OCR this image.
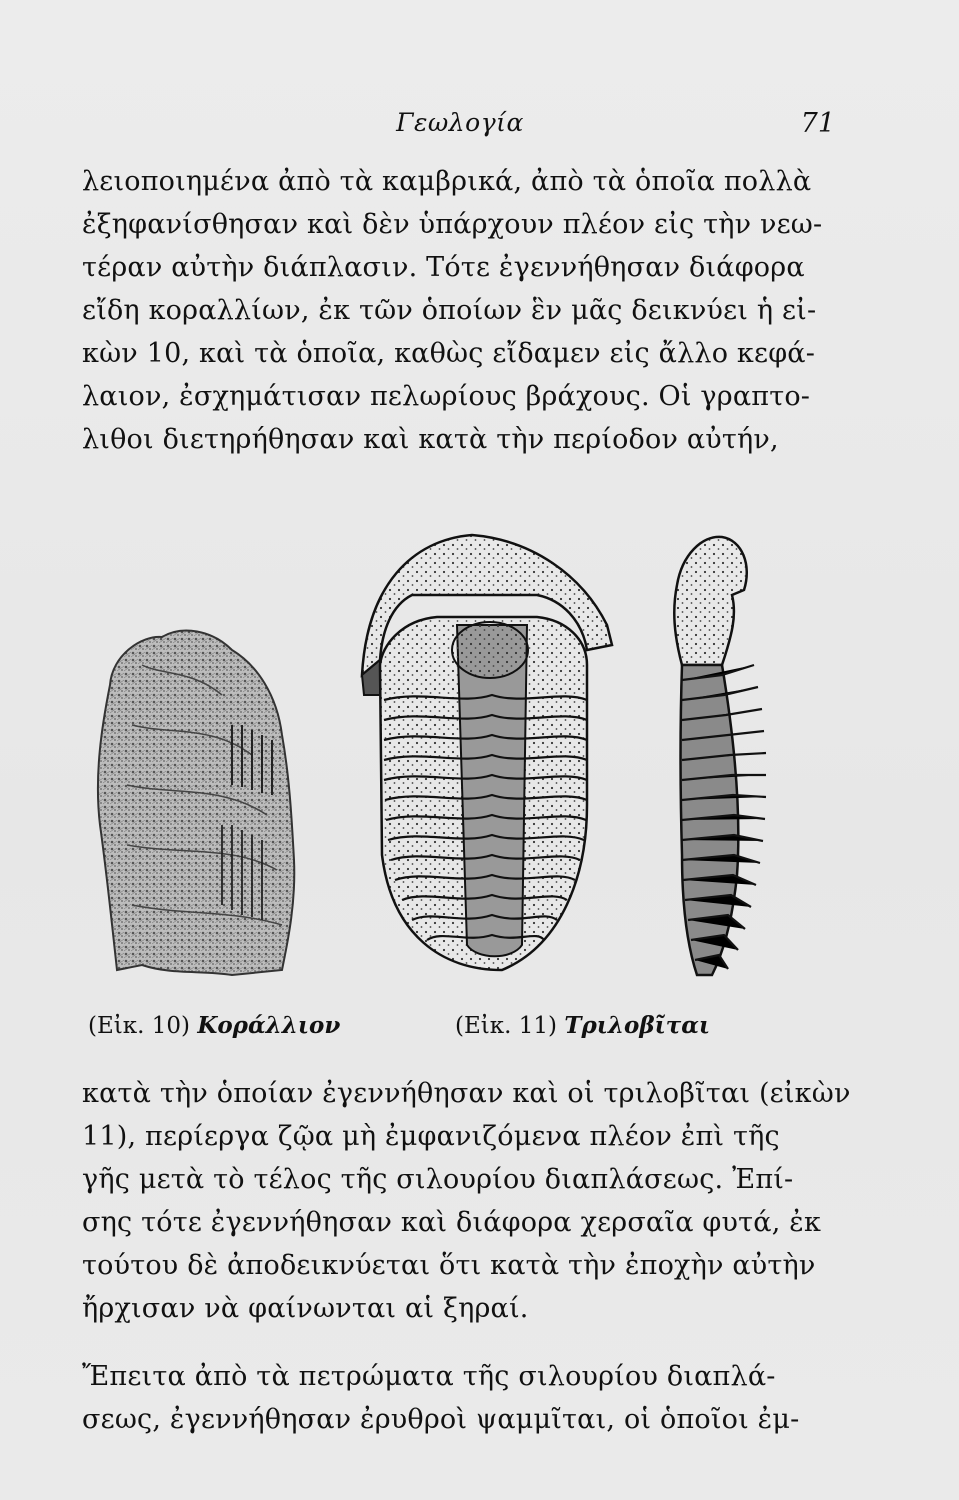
Γεωλογία	71
λειοποιημένα ἀπὸ τὰ καμβρικά, ἀπὸ τὰ ὁποῖα πολλὰ
ἐξηφανίσθησαν καὶ δὲν ὑπάρχουν πλέον εἰς τὴν νεω-
τέραν αὐτὴν διάπλασιν. Τότε ἐγεννήθησαν διάφορα
εἴδη κοραλλίων, ἐκ τῶν ὁποίων ἓν μᾶς δεικνύει ἡ εἰ-
κὼν 10, καὶ τὰ ὁποῖα, καθὼς εἴδαμεν εἰς ἄλλο κεφά-
λαιον, ἐσχημάτισαν πελωρίους βράχους. Οἱ γραπτο-
λιθοι διετηρήθησαν καὶ κατὰ τὴν περίοδον αὐτήν,
(Εἰκ. 10) Κοράλλιον	(Εἰκ. 11) Τριλοβῖται
κατὰ τὴν ὁποίαν ἐγεννήθησαν καὶ οἱ τριλοβῖται (εἰκὼν
11), περίεργα ζῷα μὴ ἐμφανιζόμενα πλέον ἐπὶ τῆς
γῆς μετὰ τὸ τέλος τῆς σιλουρίου διαπλάσεως. Ἐπί-
σης τότε ἐγεννήθησαν καὶ διάφορα χερσαῖα φυτά, ἐκ
τούτου δὲ ἀποδεικνύεται ὅτι κατὰ τὴν ἐποχὴν αὐτὴν
ἤρχισαν νὰ φαίνωνται αἱ ξηραί.
Ἔπειτα ἀπὸ τὰ πετρώματα τῆς σιλουρίου διαπλά-
σεως, ἐγεννήθησαν ἐρυθροὶ ψαμμῖται, οἱ ὁποῖοι ἐμ-
